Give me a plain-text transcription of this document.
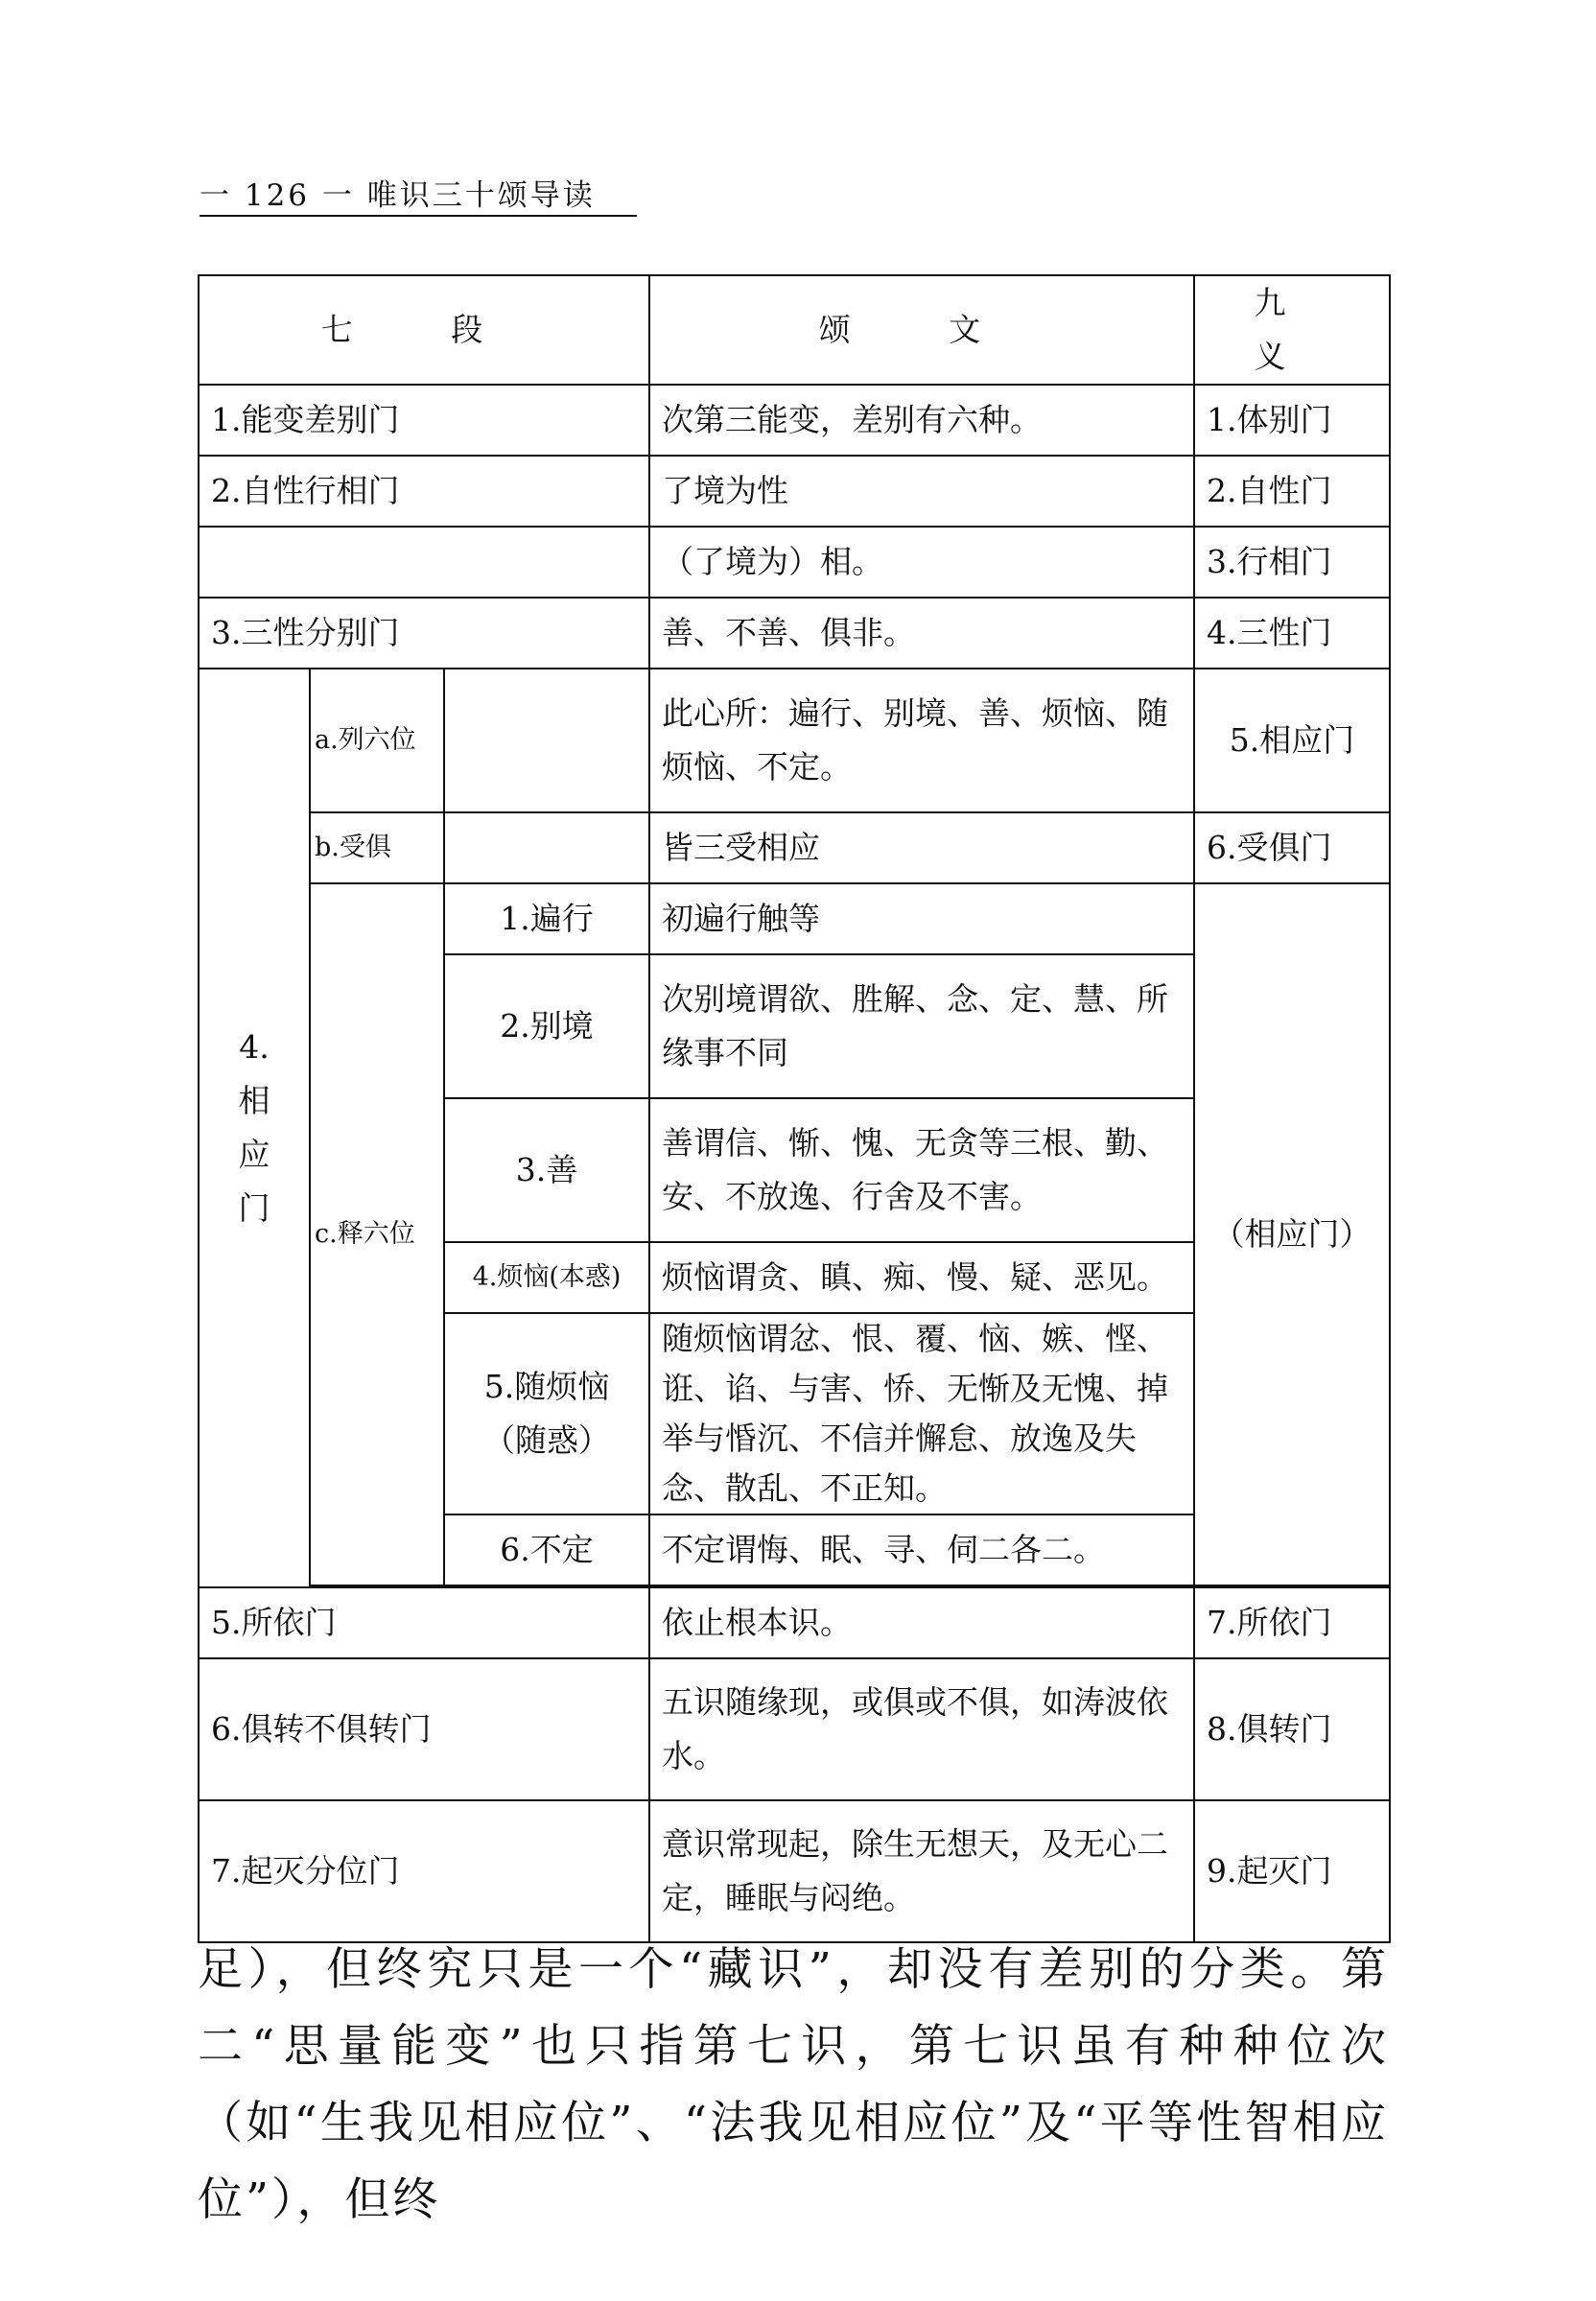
一 126 一 唯识三十颂导读
七 段			颂 文	九 义
1.能变差别门			次第三能变，差别有六种。	1.体别门
2.自性行相门			了境为性	2.自性门
			（了境为）相。	3.行相门
3.三性分别门			善、不善、俱非。	4.三性门

4.
相
应
门	a.列六位		此心所：遍行、别境、善、烦恼、随烦恼、不定。	5.相应门
	b.受俱		皆三受相应	6.受俱门
	c.释六位	1.遍行	初遍行触等	（相应门）
		2.别境	次别境谓欲、胜解、念、定、慧、所缘事不同	
		3.善	善谓信、惭、愧、无贪等三根、勤、安、不放逸、行舍及不害。	
		4.烦恼(本惑)	烦恼谓贪、瞋、痴、慢、疑、恶见。	

		5.随烦恼
（随惑）	随烦恼谓忿、恨、覆、恼、嫉、悭、诳、谄、与害、㤭、无惭及无愧、掉举与惛沉、不信并懈怠、放逸及失念、散乱、不正知。	
		6.不定	不定谓悔、眠、寻、伺二各二。	

5.所依门			依止根本识。	7.所依门
6.俱转不俱转门			五识随缘现，或俱或不俱，如涛波依水。	8.俱转门
7.起灭分位门			意识常现起，除生无想天，及无心二定，睡眠与闷绝。	9.起灭门
足），但终究只是一个“藏识”，却没有差别的分类。第二“思量能变”也只指第七识，第七识虽有种种位次（如“生我见相应位”、“法我见相应位”及“平等性智相应位”），但终
